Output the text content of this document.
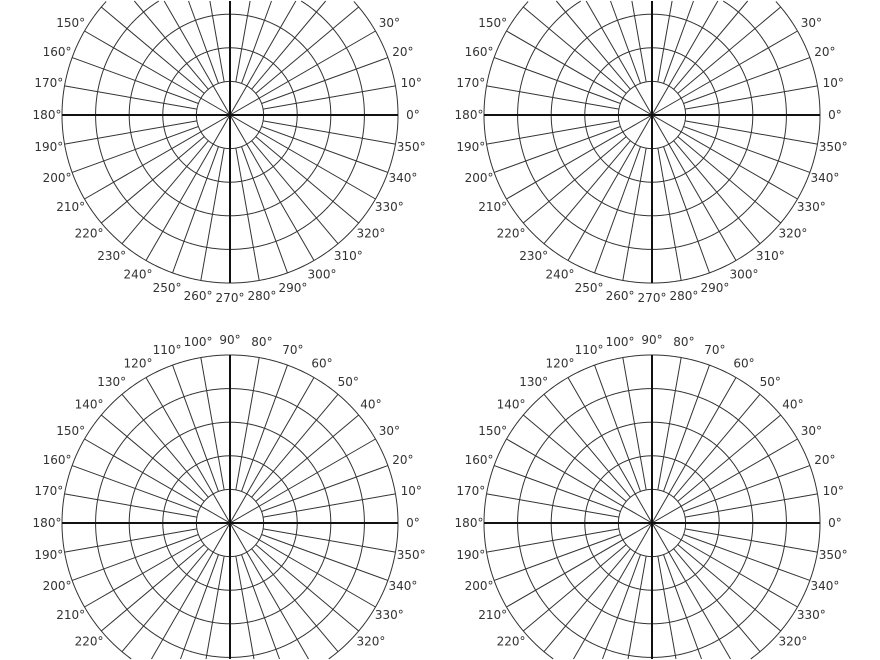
0°
10°
20°
30°
150°
160°
170°
180°
190°
200°
210°
220°
230°
240°
250°
260° 270° 280°
290°
300°
310°
320°
330°
340°
350°
0°
10°
20°
30°
150°
160°
170°
180°
190°
200°
210°
220°
230°
240°
250°
260° 270° 280°
290°
300°
310°
320°
330°
340°
350°
0°
10°
20°
30°
40°
50°
60°
70°
80°
90°
100°
110°
120°
130°
140°
150°
160°
170°
180°
190°
200°
210°
220°	320°
330°
340°
350°
0°
10°
20°
30°
40°
50°
60°
70°
80°
90°
100°
110°
120°
130°
140°
150°
160°
170°
180°
190°
200°
210°
220°	320°
330°
340°
350°
